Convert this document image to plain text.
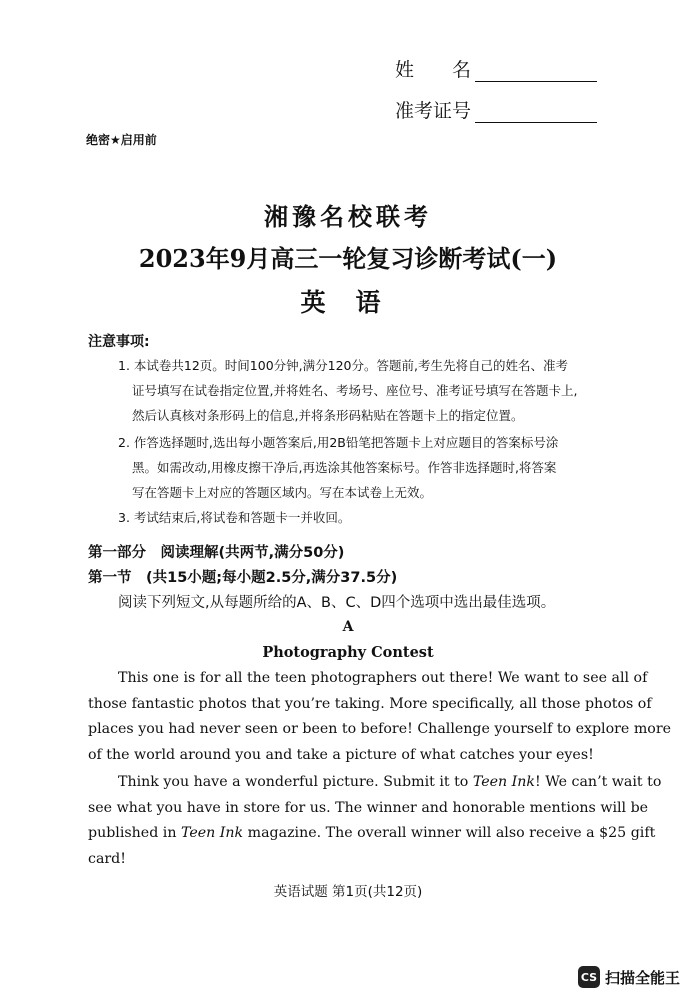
姓　　名
准考证号
绝密★启用前
湘豫名校联考
2023年9月高三一轮复习诊断考试(一)
英语
注意事项:
1. 本试卷共12页。时间100分钟,满分120分。答题前,考生先将自己的姓名、准考
证号填写在试卷指定位置,并将姓名、考场号、座位号、准考证号填写在答题卡上,
然后认真核对条形码上的信息,并将条形码粘贴在答题卡上的指定位置。
2. 作答选择题时,选出每小题答案后,用2B铅笔把答题卡上对应题目的答案标号涂
黑。如需改动,用橡皮擦干净后,再选涂其他答案标号。作答非选择题时,将答案
写在答题卡上对应的答题区域内。写在本试卷上无效。
3. 考试结束后,将试卷和答题卡一并收回。
第一部分　阅读理解(共两节,满分50分)
第一节　(共15小题;每小题2.5分,满分37.5分)
阅读下列短文,从每题所给的A、B、C、D四个选项中选出最佳选项。
A
Photography Contest
This one is for all the teen photographers out there! We want to see all of
those fantastic photos that you’re taking. More specifically, all those photos of
places you had never seen or been to before! Challenge yourself to explore more
of the world around you and take a picture of what catches your eyes!
Think you have a wonderful picture. Submit it to Teen Ink! We can’t wait to
see what you have in store for us. The winner and honorable mentions will be
published in Teen Ink magazine. The overall winner will also receive a $25 gift
card!
英语试题 第1页(共12页)
CS 扫描全能王
